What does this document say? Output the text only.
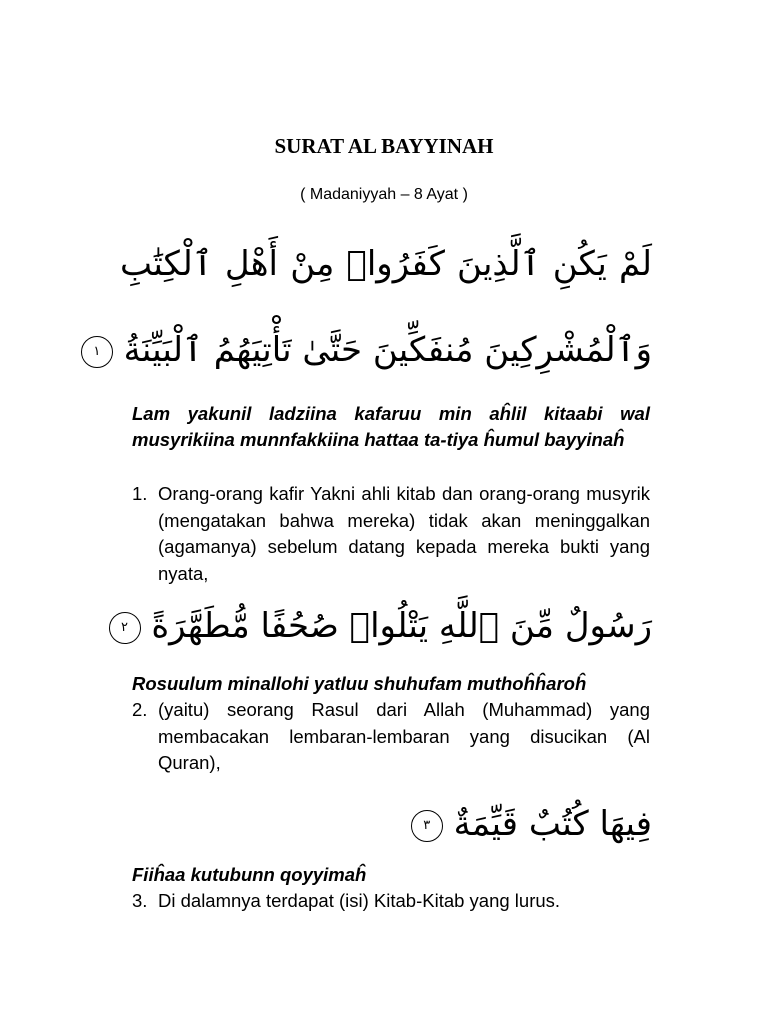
SURAT AL BAYYINAH
( Madaniyyah – 8 Ayat )
لَمْ يَكُنِ ٱلَّذِينَ كَفَرُوا۟ مِنْ أَهْلِ ٱلْكِتَٰبِ
وَٱلْمُشْرِكِينَ مُنفَكِّينَ حَتَّىٰ تَأْتِيَهُمُ ٱلْبَيِّنَةُ ١
Lam yakunil ladziina kafaruu min aĥlil kitaabi wal musyrikiina munnfakkiina hattaa ta-tiya ĥumul bayyinaĥ
1. Orang-orang kafir Yakni ahli kitab dan orang-orang musyrik (mengatakan bahwa mereka) tidak akan meninggalkan (agamanya) sebelum datang kepada mereka bukti yang nyata,
رَسُولٌ مِّنَ ٱللَّهِ يَتْلُوا۟ صُحُفًا مُّطَهَّرَةً ٢
Rosuulum minallohi yatluu shuhufam muthoĥĥaroĥ
2. (yaitu) seorang Rasul dari Allah (Muhammad) yang membacakan lembaran-lembaran yang disucikan (Al Quran),
فِيهَا كُتُبٌ قَيِّمَةٌ ٣
Fiiĥaa kutubunn qoyyimaĥ
3. Di dalamnya terdapat (isi) Kitab-Kitab yang lurus.
